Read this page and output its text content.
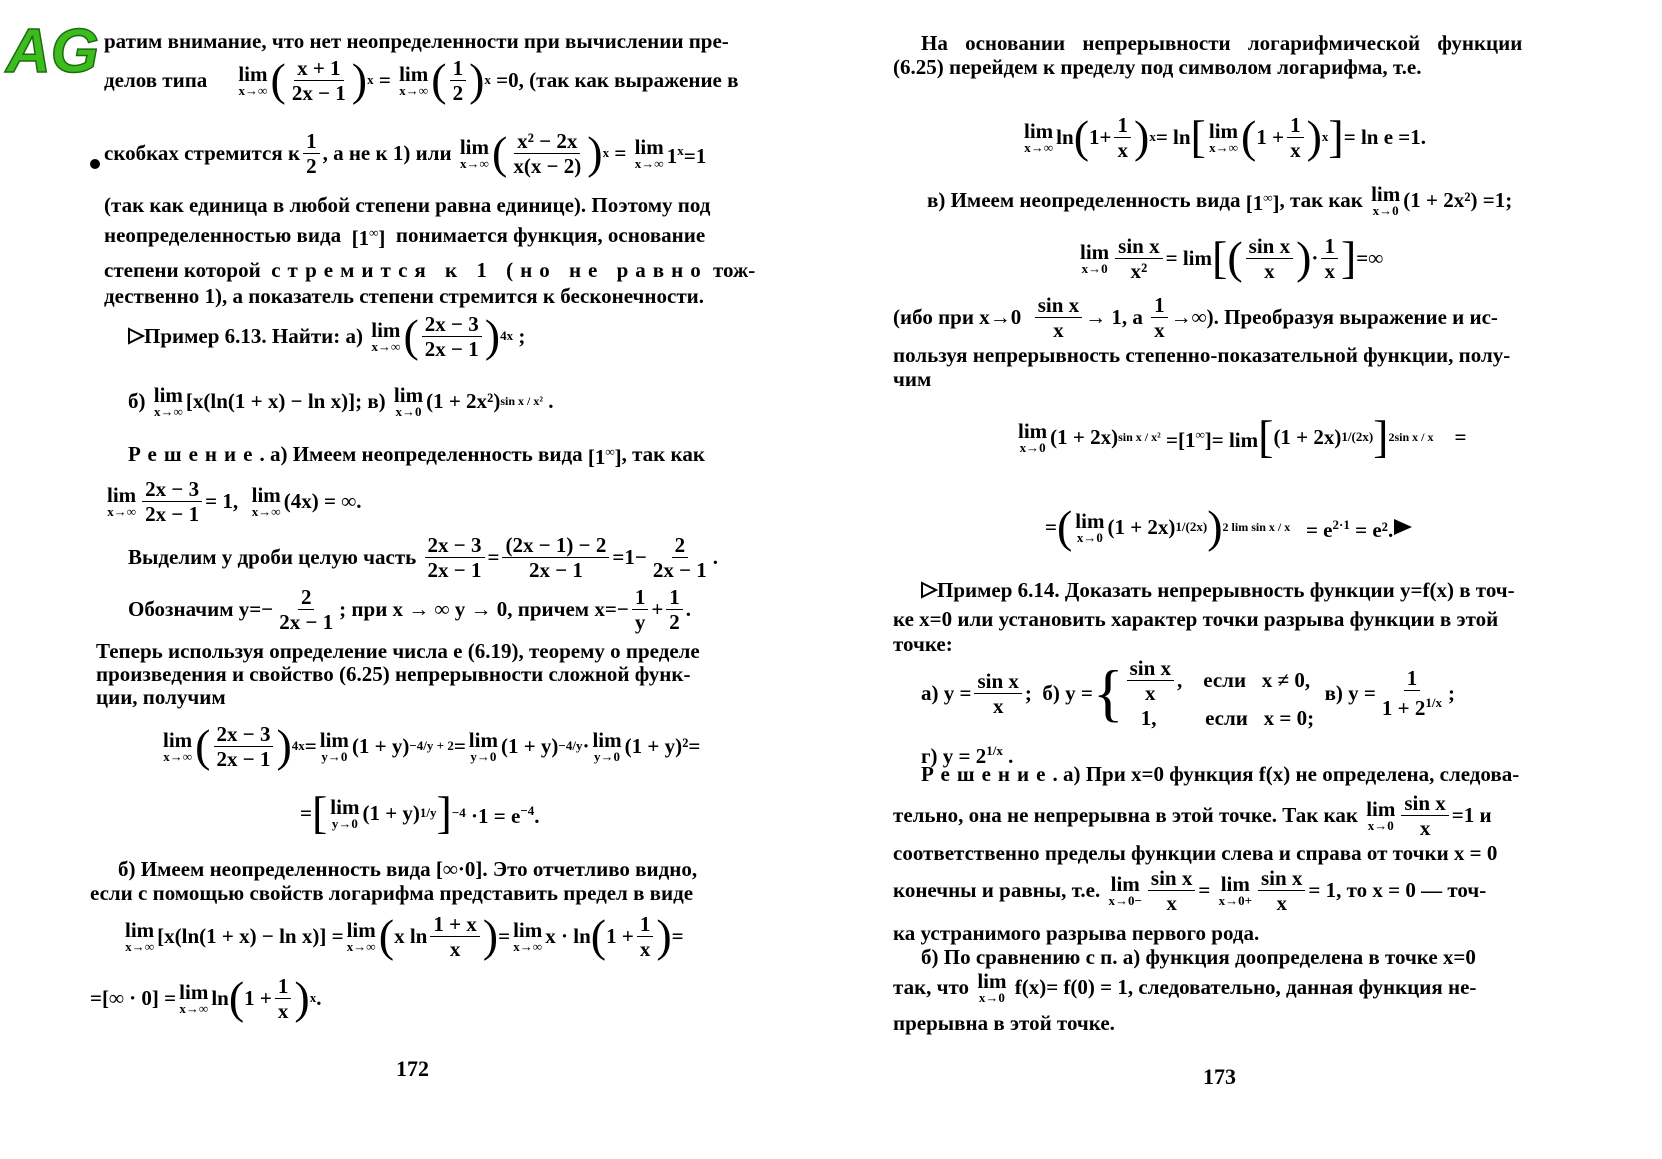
AG ратим внимание, что нет неопределенности при вычислении пре-
делов типа lim
x→∞ ( x + 1
2x − 1 ) x = lim
x→∞ ( 1
2 ) x
=0, (так как выражение в
скобках стремится к
1
2
, а не к 1) или
lim
x→∞ ( x² − 2x
x(x − 2) ) x = lim
x→∞ $1^x=1$
(так как единица в любой степени равна единице). Поэтому под
неопределенностью вида [1∞] понимается функция, основание
степени которой
стремится к 1 (но не равно
тож-
дественно 1), а показатель степени стремится к бесконечности.
Пример 6.13.
Найти: а)
lim
x→∞ ( 2x − 3
2x − 1 ) 4x ;
б)
lim
x→∞ [x(ln(1 + x) − ln x)] ; в)
lim
x→0 (1 + 2x²) sin x / x² .
Решение . а) Имеем неопределенность вида [1∞] , так как
lim
$x\to\infty \frac{2x - 3}{2x - 1} = 1$, lim
x→∞ (4x) = ∞.
Выделим у дроби целую часть
$\frac{2x - 3}{2x - 1} = \frac{(2x - 1) - 2}{2x - 1} =1- \frac{2}{2x - 1}$ .
Обозначим $y=- \frac{2}{2x - 1}$ ; при x → ∞ y → 0, причем $x=- \frac{1}{y} + \frac{1}{2}$ .
Теперь используя определение числа e (6.19), теорему о пределе
произведения и свойство (6.25) непрерывности сложной функ-
ции, получим
lim
x→∞ ( 2x − 3
2x − 1 ) 4x = lim
y→0 (1 + y) −4/y + 2 = lim
y→0 (1 + y) −4/y · lim
y→0 (1 + y)²=
= [ lim
y→0 (1 + y) 1/y ] $-4 \cdot 1 = e^{-4}$.
б) Имеем неопределенность вида [∞·0]. Это отчетливо видно,
если с помощью свойств логарифма представить предел в виде
lim
x→∞ [x(ln(1 + x) − ln x)] = lim
x→∞ ( x ln
1 + x
x ) = lim
x→∞ x · ln ( $1 + \frac{1}{x}$ ) =
=[∞ · 0] = lim
x→∞ ln ( $1 + \frac{1}{x}$ ) x .
172
На основании непрерывности логарифмической функции
(6.25) перейдем к пределу под символом логарифма, т.е.
lim
x→∞ ln ( $1+ \frac{1}{x}$ ) x = ln [ lim
x→∞ ( $1 + \frac{1}{x}$ ) x ] = ln e =1.
в) Имеем неопределенность вида [1∞] , так как
lim
x→0 (1 + 2x²) =1;
lim
$x\to 0 \frac{\text{sin x}}{\text{x²}} = \lim$ [ ( sin x
x ) ·
1
x ] =∞
(ибо при x→0

sin x
x
→ 1, а

1
x
→∞). Преобразуя выражение и ис-
пользуя непрерывность степенно-показательной функции, полу-
чим
lim
x→0 (1 + 2x) sin x / x² =[1∞]= lim [ (1 + 2x) 1/(2x) ] 2sin x / x =
= ( lim
x→0 (1 + 2x) 1/(2x) ) 2 $\lim \sin x / x = e^{2\cdot 1} = e^2$.
Пример 6.14.
Доказать непрерывность функции y=f(x) в точ-
ке x=0 или установить характер точки разрыва функции в этой
точке:
а) $y = \frac{\text{sin x}}{x}$ ;  б) y = { sin x
x
, если
x ≠ 0,
1,
	если
x = 0;
в) $y = \frac{1}{1 + 2^{1/x}}$ ;
г) $y = 2^{1/x}$ .
Решение . а) При x=0 функция f(x) не определена, следова-
тельно, она не непрерывна в этой точке. Так как
lim
$x\to 0 \frac{\text{sin x}}{x} =1$ и
соответственно пределы функции слева и справа от точки x = 0
конечны и равны, т.е.
lim
$x\to 0- \frac{\text{sin x}}{x} = \lim$
$x\to 0+ \frac{\text{sin x}}{x} = 1$, то x = 0 — точ-
ка устранимого разрыва первого рода.
б) По сравнению с п. а) функция доопределена в точке x=0
так, что
lim
x→0
f(x)= f(0) = 1, следовательно, данная функция не-
прерывна в этой точке.
173
